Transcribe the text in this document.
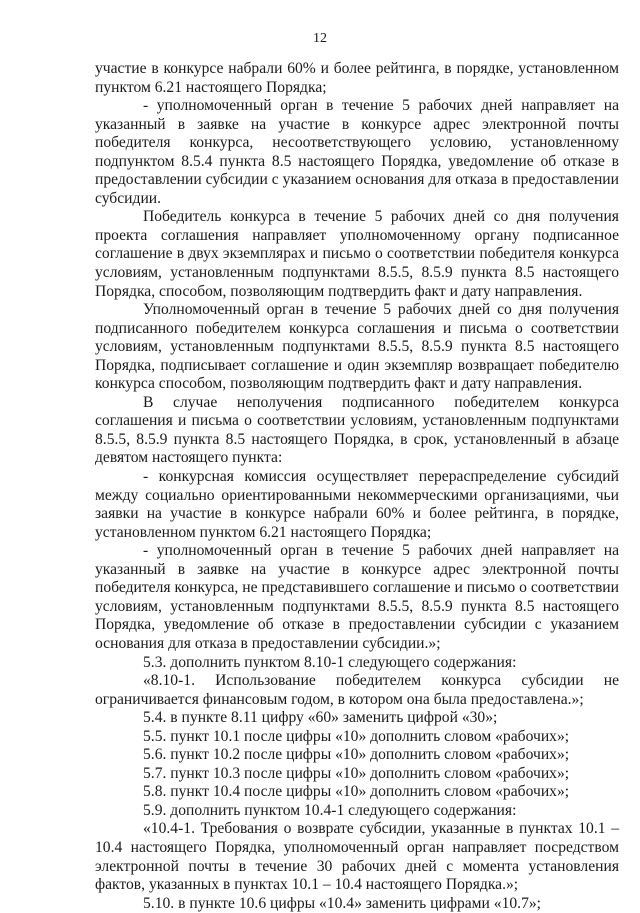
12

участие в конкурсе набрали 60% и более рейтинга, в порядке, установленном пунктом 6.21 настоящего Порядка;

- уполномоченный орган в течение 5 рабочих дней направляет на указанный в заявке на участие в конкурсе адрес электронной почты победителя конкурса, несоответствующего условию, установленному подпунктом 8.5.4 пункта 8.5 настоящего Порядка, уведомление об отказе в предоставлении субсидии с указанием основания для отказа в предоставлении субсидии.

Победитель конкурса в течение 5 рабочих дней со дня получения проекта соглашения направляет уполномоченному органу подписанное соглашение в двух экземплярах и письмо о соответствии победителя конкурса условиям, установленным подпунктами 8.5.5, 8.5.9 пункта 8.5 настоящего Порядка, способом, позволяющим подтвердить факт и дату направления.

Уполномоченный орган в течение 5 рабочих дней со дня получения подписанного победителем конкурса соглашения и письма о соответствии условиям, установленным подпунктами 8.5.5, 8.5.9 пункта 8.5 настоящего Порядка, подписывает соглашение и один экземпляр возвращает победителю конкурса способом, позволяющим подтвердить факт и дату направления.

В случае неполучения подписанного победителем конкурса соглашения и письма о соответствии условиям, установленным подпунктами 8.5.5, 8.5.9 пункта 8.5 настоящего Порядка, в срок, установленный в абзаце девятом настоящего пункта:

- конкурсная комиссия осуществляет перераспределение субсидий между социально ориентированными некоммерческими организациями, чьи заявки на участие в конкурсе набрали 60% и более рейтинга, в порядке, установленном пунктом 6.21 настоящего Порядка;

- уполномоченный орган в течение 5 рабочих дней направляет на указанный в заявке на участие в конкурсе адрес электронной почты победителя конкурса, не представившего соглашение и письмо о соответствии условиям, установленным подпунктами 8.5.5, 8.5.9 пункта 8.5 настоящего Порядка, уведомление об отказе в предоставлении субсидии с указанием основания для отказа в предоставлении субсидии.»;

5.3. дополнить пунктом 8.10-1 следующего содержания:

«8.10-1. Использование победителем конкурса субсидии не ограничивается финансовым годом, в котором она была предоставлена.»;

5.4. в пункте 8.11 цифру «60» заменить цифрой «30»;

5.5. пункт 10.1 после цифры «10» дополнить словом «рабочих»;

5.6. пункт 10.2 после цифры «10» дополнить словом «рабочих»;

5.7. пункт 10.3 после цифры «10» дополнить словом «рабочих»;

5.8. пункт 10.4 после цифры «10» дополнить словом «рабочих»;

5.9. дополнить пунктом 10.4-1 следующего содержания:

«10.4-1. Требования о возврате субсидии, указанные в пунктах 10.1 – 10.4 настоящего Порядка, уполномоченный орган направляет посредством электронной почты в течение 30 рабочих дней с момента установления фактов, указанных в пунктах 10.1 – 10.4 настоящего Порядка.»;

5.10. в пункте 10.6 цифры «10.4» заменить цифрами «10.7»;
